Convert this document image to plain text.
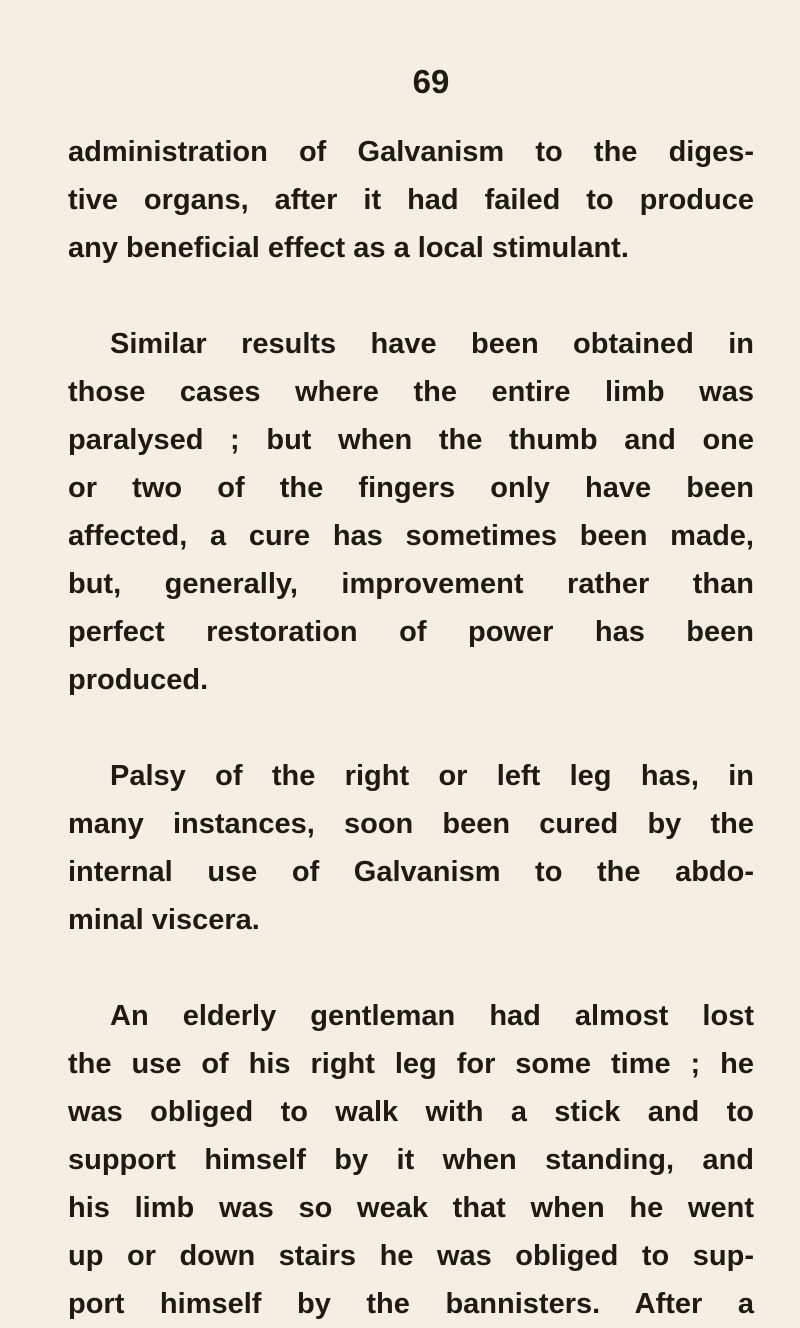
69
administration of Galvanism to the diges-
tive organs, after it had failed to produce
any beneficial effect as a local stimulant.
Similar results have been obtained in
those cases where the entire limb was
paralysed ; but when the thumb and one
or two of the fingers only have been
affected, a cure has sometimes been made,
but, generally, improvement rather than
perfect restoration of power has been
produced.
Palsy of the right or left leg has, in
many instances, soon been cured by the
internal use of Galvanism to the abdo-
minal viscera.
An elderly gentleman had almost lost
the use of his right leg for some time ; he
was obliged to walk with a stick and to
support himself by it when standing, and
his limb was so weak that when he went
up or down stairs he was obliged to sup-
port himself by the bannisters. After a
